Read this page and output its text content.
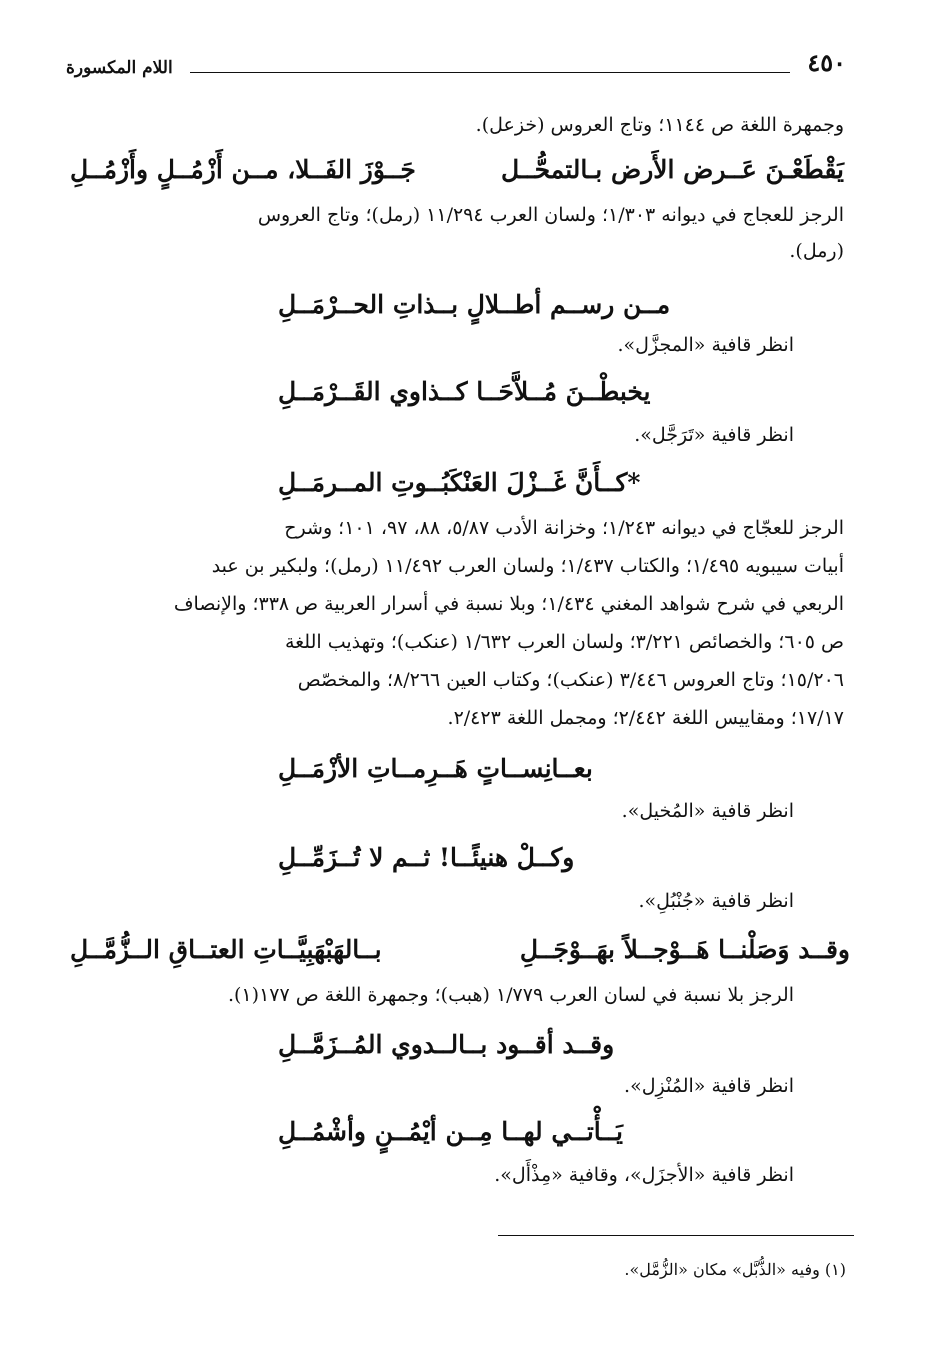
٤٥٠
اللام المكسورة
وجمهرة اللغة ص ١١٤٤؛ وتاج العروس (خزعل).
يَقْطَعْـنَ عَــرض الأَرض بـالتمحُّــل
جَــوْزَ الفَــلا، مــن أَزْمُــلٍ وأَزْمُــلِ
الرجز للعجاج في ديوانه ١/٣٠٣؛ ولسان العرب ١١/٢٩٤ (رمل)؛ وتاج العروس
(رمل).
مــن رســم أطــلالٍ بــذاتِ الحــرْمَــلِ
انظر قافية «المجزَّل».
يخبطْــنَ مُــلاَّحَــا كــذاوي القَــرْمَــلِ
انظر قافية «تَرَجَّل».
*كــأَنَّ غَــزْلَ العَنْكَبُــوتِ المــرمَــلِ
الرجز للعجّاج في ديوانه ١/٢٤٣؛ وخزانة الأدب ٥/٨٧، ٨٨، ٩٧، ١٠١؛ وشرح
أبيات سيبويه ١/٤٩٥؛ والكتاب ١/٤٣٧؛ ولسان العرب ١١/٤٩٢ (رمل)؛ ولبكير بن عبد
الربعي في شرح شواهد المغني ١/٤٣٤؛ وبلا نسبة في أسرار العربية ص ٣٣٨؛ والإنصاف
ص ٦٠٥؛ والخصائص ٣/٢٢١؛ ولسان العرب ١/٦٣٢ (عنكب)؛ وتهذيب اللغة
١٥/٢٠٦؛ وتاج العروس ٣/٤٤٦ (عنكب)؛ وكتاب العين ٨/٢٦٦؛ والمخصّص
١٧/١٧؛ ومقاييس اللغة ٢/٤٤٢؛ ومجمل اللغة ٢/٤٢٣.
بعــانِســاتٍ هَــرِمــاتِ الأزْمَــلِ
انظر قافية «المُخيل».
وكــلْ هنيئًــا! ثــم لا تُــزَمِّــلِ
انظر قافية «جُنْبُلِ».
وقــد وَصَلْنــا هَــوْجــلاً بهَــوْجَــلِ
بــالهَبْهَبِيَّــاتِ العتــاقِ الــزُّمَّــلِ
الرجز بلا نسبة في لسان العرب ١/٧٧٩ (هبب)؛ وجمهرة اللغة ص ١٧٧(١).
وقــد أقــود بــالــدوي المُــزَمَّــلِ
انظر قافية «المُنْزِل».
يَــأْتــي لهــا مِــن أيْمُــنٍ وأشْمُــلِ
انظر قافية «الأجزَل»، وقافية «مِذْأَل».
(١) وفيه «الذُّبَّل» مكان «الزُّمَّل».
